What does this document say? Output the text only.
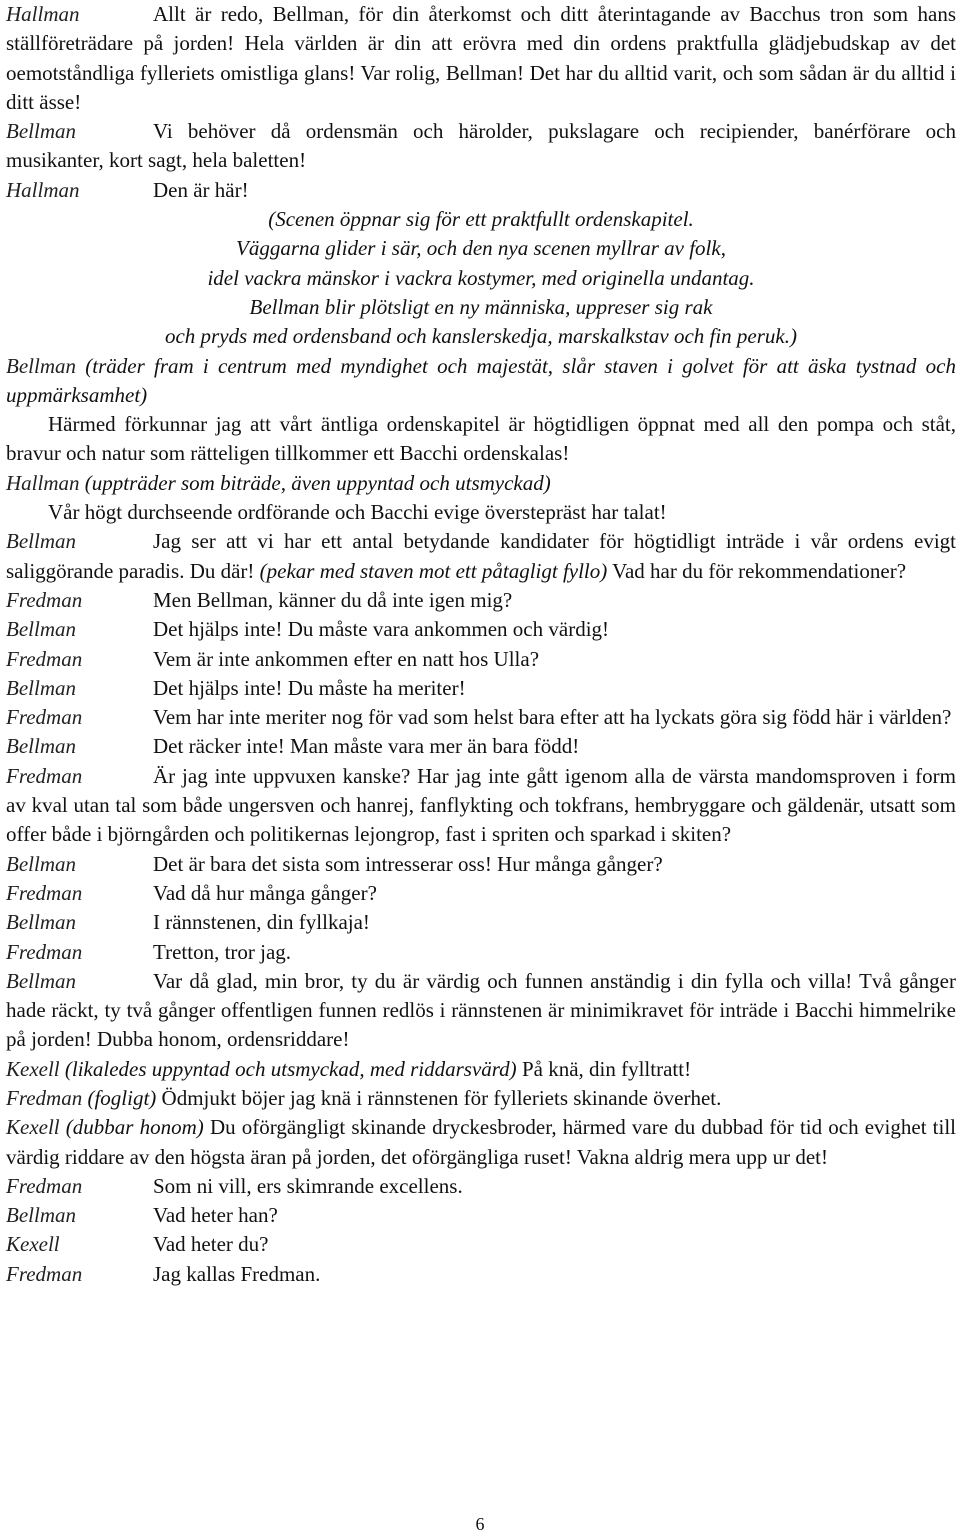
Hallman	Allt är redo, Bellman, för din återkomst och ditt återintagande av Bacchus tron som hans ställföreträdare på jorden! Hela världen är din att erövra med din ordens praktfulla glädjebudskap av det oemotståndliga fylleriets omistliga glans! Var rolig, Bellman! Det har du alltid varit, och som sådan är du alltid i ditt ässe!

Bellman	Vi behöver då ordensmän och härolder, pukslagare och recipiender, banérförare och musikanter, kort sagt, hela baletten!

Hallman	Den är här!

(Scenen öppnar sig för ett praktfullt ordenskapitel.

Väggarna glider i sär, och den nya scenen myllrar av folk,

idel vackra mänskor i vackra kostymer, med originella undantag.

Bellman blir plötsligt en ny människa, uppreser sig rak

och pryds med ordensband och kanslerskedja, marskalkstav och fin peruk.)

Bellman (träder fram i centrum med myndighet och majestät, slår staven i golvet för att äska tystnad och uppmärksamhet)

Härmed förkunnar jag att vårt äntliga ordenskapitel är högtidligen öppnat med all den pompa och ståt, bravur och natur som rätteligen tillkommer ett Bacchi ordenskalas!

Hallman (uppträder som biträde, även uppyntad och utsmyckad)

Vår högt durchseende ordförande och Bacchi evige överstepräst har talat!

Bellman	Jag ser att vi har ett antal betydande kandidater för högtidligt inträde i vår ordens evigt saliggörande paradis. Du där! (pekar med staven mot ett påtagligt fyllo) Vad har du för rekommendationer?

Fredman	Men Bellman, känner du då inte igen mig?

Bellman	Det hjälps inte! Du måste vara ankommen och värdig!

Fredman	Vem är inte ankommen efter en natt hos Ulla?

Bellman	Det hjälps inte! Du måste ha meriter!

Fredman	Vem har inte meriter nog för vad som helst bara efter att ha lyckats göra sig född här i världen?

Bellman	Det räcker inte! Man måste vara mer än bara född!

Fredman	Är jag inte uppvuxen kanske? Har jag inte gått igenom alla de värsta mandomsproven i form av kval utan tal som både ungersven och hanrej, fanflykting och tokfrans, hembryggare och gäldenär, utsatt som offer både i björngården och politikernas lejongrop, fast i spriten och sparkad i skiten?

Bellman	Det är bara det sista som intresserar oss! Hur många gånger?

Fredman	Vad då hur många gånger?

Bellman	I rännstenen, din fyllkaja!

Fredman	Tretton, tror jag.

Bellman	Var då glad, min bror, ty du är värdig och funnen anständig i din fylla och villa! Två gånger hade räckt, ty två gånger offentligen funnen redlös i rännstenen är minimikravet för inträde i Bacchi himmelrike på jorden! Dubba honom, ordensriddare!

Kexell (likaledes uppyntad och utsmyckad, med riddarsvärd) På knä, din fylltratt!

Fredman (fogligt) Ödmjukt böjer jag knä i rännstenen för fylleriets skinande överhet.

Kexell (dubbar honom) Du oförgängligt skinande dryckesbroder, härmed vare du dubbad för tid och evighet till värdig riddare av den högsta äran på jorden, det oförgängliga ruset! Vakna aldrig mera upp ur det!

Fredman	Som ni vill, ers skimrande excellens.

Bellman	Vad heter han?

Kexell	Vad heter du?

Fredman	Jag kallas Fredman.

6
